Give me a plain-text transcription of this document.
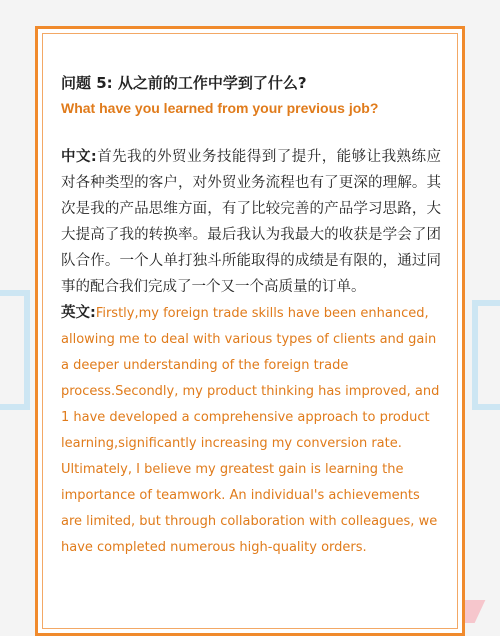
问题 5: 从之前的工作中学到了什么?

What have you learned from your previous job?

中文:首先我的外贸业务技能得到了提升，能够让我熟练应对各种类型的客户，对外贸业务流程也有了更深的理解。其次是我的产品思维方面，有了比较完善的产品学习思路，大大提高了我的转换率。最后我认为我最大的收获是学会了团队合作。一个人单打独斗所能取得的成绩是有限的，通过同事的配合我们完成了一个又一个高质量的订单。
英文:Firstly,my foreign trade skills have been enhanced, allowing me to deal with various types of clients and gain a deeper understanding of the foreign trade process.Secondly, my product thinking has improved, and 1 have developed a comprehensive approach to product learning,significantly increasing my conversion rate. Ultimately, I believe my greatest gain is learning the importance of teamwork. An individual's achievements are limited, but through collaboration with colleagues, we have completed numerous high-quality orders.
